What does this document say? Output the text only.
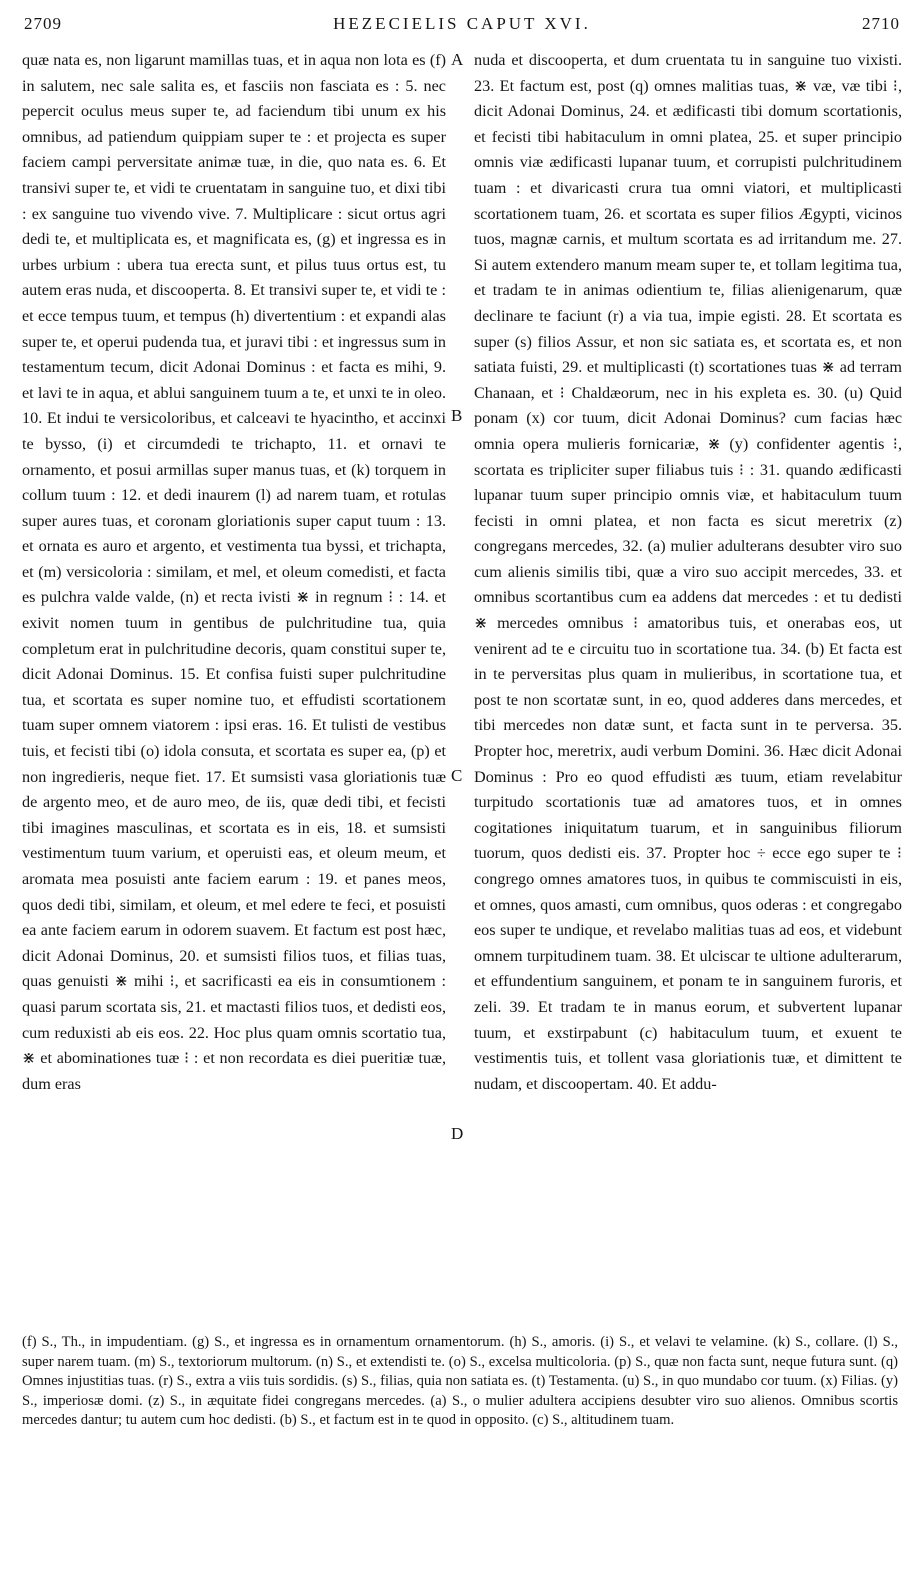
2709	HEZECIELIS CAPUT XVI.	2710

quæ nata es, non ligarunt mamillas tuas, et in aqua non lota es (f) in salutem, nec sale salita es, et fasciis non fasciata es : 5. nec pepercit oculus meus super te, ad faciendum tibi unum ex his omnibus, ad patiendum quippiam super te : et projecta es super faciem campi perversitate animæ tuæ, in die, quo nata es. 6. Et transivi super te, et vidi te cruentatam in sanguine tuo, et dixi tibi : ex sanguine tuo vivendo vive. 7. Multiplicare : sicut ortus agri dedi te, et multiplicata es, et magnificata es, (g) et ingressa es in urbes urbium : ubera tua erecta sunt, et pilus tuus ortus est, tu autem eras nuda, et discooperta. 8. Et transivi super te, et vidi te : et ecce tempus tuum, et tempus (h) divertentium : et expandi alas super te, et operui pudenda tua, et juravi tibi : et ingressus sum in testamentum tecum, dicit Adonai Dominus : et facta es mihi, 9. et lavi te in aqua, et ablui sanguinem tuum a te, et unxi te in oleo. 10. Et indui te versicoloribus, et calceavi te hyacintho, et accinxi te bysso, (i) et circumdedi te trichapto, 11. et ornavi te ornamento, et posui armillas super manus tuas, et (k) torquem in collum tuum : 12. et dedi inaurem (l) ad narem tuam, et rotulas super aures tuas, et coronam gloriationis super caput tuum : 13. et ornata es auro et argento, et vestimenta tua byssi, et trichapta, et (m) versicoloria : similam, et mel, et oleum comedisti, et facta es pulchra valde valde, (n) et recta ivisti ⋇ in regnum ⁝ : 14. et exivit nomen tuum in gentibus de pulchritudine tua, quia completum erat in pulchritudine decoris, quam constitui super te, dicit Adonai Dominus. 15. Et confisa fuisti super pulchritudine tua, et scortata es super nomine tuo, et effudisti scortationem tuam super omnem viatorem : ipsi eras. 16. Et tulisti de vestibus tuis, et fecisti tibi (o) idola consuta, et scortata es super ea, (p) et non ingredieris, neque fiet. 17. Et sumsisti vasa gloriationis tuæ de argento meo, et de auro meo, de iis, quæ dedi tibi, et fecisti tibi imagines masculinas, et scortata es in eis, 18. et sumsisti vestimentum tuum varium, et operuisti eas, et oleum meum, et aromata mea posuisti ante faciem earum : 19. et panes meos, quos dedi tibi, similam, et oleum, et mel edere te feci, et posuisti ea ante faciem earum in odorem suavem. Et factum est post hæc, dicit Adonai Dominus, 20. et sumsisti filios tuos, et filias tuas, quas genuisti ⋇ mihi ⁝, et sacrificasti ea eis in consumtionem : quasi parum scortata sis, 21. et mactasti filios tuos, et dedisti eos, cum reduxisti ab eis eos. 22. Hoc plus quam omnis scortatio tua, ⋇ et abominationes tuæ ⁝ : et non recordata es diei pueritiæ tuæ, dum eras

nuda et discooperta, et dum cruentata tu in sanguine tuo vixisti. 23. Et factum est, post (q) omnes malitias tuas, ⋇ væ, væ tibi ⁝, dicit Adonai Dominus, 24. et ædificasti tibi domum scortationis, et fecisti tibi habitaculum in omni platea, 25. et super principio omnis viæ ædificasti lupanar tuum, et corrupisti pulchritudinem tuam : et divaricasti crura tua omni viatori, et multiplicasti scortationem tuam, 26. et scortata es super filios Ægypti, vicinos tuos, magnæ carnis, et multum scortata es ad irritandum me. 27. Si autem extendero manum meam super te, et tollam legitima tua, et tradam te in animas odientium te, filias alienigenarum, quæ declinare te faciunt (r) a via tua, impie egisti. 28. Et scortata es super (s) filios Assur, et non sic satiata es, et scortata es, et non satiata fuisti, 29. et multiplicasti (t) scortationes tuas ⋇ ad terram Chanaan, et ⁝ Chaldæorum, nec in his expleta es. 30. (u) Quid ponam (x) cor tuum, dicit Adonai Dominus? cum facias hæc omnia opera mulieris fornicariæ, ⋇ (y) confidenter agentis ⁝, scortata es tripliciter super filiabus tuis ⁝ : 31. quando ædificasti lupanar tuum super principio omnis viæ, et habitaculum tuum fecisti in omni platea, et non facta es sicut meretrix (z) congregans mercedes, 32. (a) mulier adulterans desubter viro suo cum alienis similis tibi, quæ a viro suo accipit mercedes, 33. et omnibus scortantibus cum ea addens dat mercedes : et tu dedisti ⋇ mercedes omnibus ⁝ amatoribus tuis, et onerabas eos, ut venirent ad te e circuitu tuo in scortatione tua. 34. (b) Et facta est in te perversitas plus quam in mulieribus, in scortatione tua, et post te non scortatæ sunt, in eo, quod adderes dans mercedes, et tibi mercedes non datæ sunt, et facta sunt in te perversa. 35. Propter hoc, meretrix, audi verbum Domini. 36. Hæc dicit Adonai Dominus : Pro eo quod effudisti æs tuum, etiam revelabitur turpitudo scortationis tuæ ad amatores tuos, et in omnes cogitationes iniquitatum tuarum, et in sanguinibus filiorum tuorum, quos dedisti eis. 37. Propter hoc ÷ ecce ego super te ⁝ congrego omnes amatores tuos, in quibus te commiscuisti in eis, et omnes, quos amasti, cum omnibus, quos oderas : et congregabo eos super te undique, et revelabo malitias tuas ad eos, et videbunt omnem turpitudinem tuam. 38. Et ulciscar te ultione adulterarum, et effundentium sanguinem, et ponam te in sanguinem furoris, et zeli. 39. Et tradam te in manus eorum, et subvertent lupanar tuum, et exstirpabunt (c) habitaculum tuum, et exuent te vestimentis tuis, et tollent vasa gloriationis tuæ, et dimittent te nudam, et discoopertam. 40. Et addu-

A
B
C
D

(f) S., Th., in impudentiam. (g) S., et ingressa es in ornamentum ornamentorum. (h) S., amoris. (i) S., et velavi te velamine. (k) S., collare. (l) S., super narem tuam. (m) S., textoriorum multorum. (n) S., et extendisti te. (o) S., excelsa multicoloria. (p) S., quæ non facta sunt, neque futura sunt. (q) Omnes injustitias tuas. (r) S., extra a viis tuis sordidis. (s) S., filias, quia non satiata es. (t) Testamenta. (u) S., in quo mundabo cor tuum. (x) Filias. (y) S., imperiosæ domi. (z) S., in æquitate fidei congregans mercedes. (a) S., o mulier adultera accipiens desubter viro suo alienos. Omnibus scortis mercedes dantur; tu autem cum hoc dedisti. (b) S., et factum est in te quod in opposito. (c) S., altitudinem tuam.
